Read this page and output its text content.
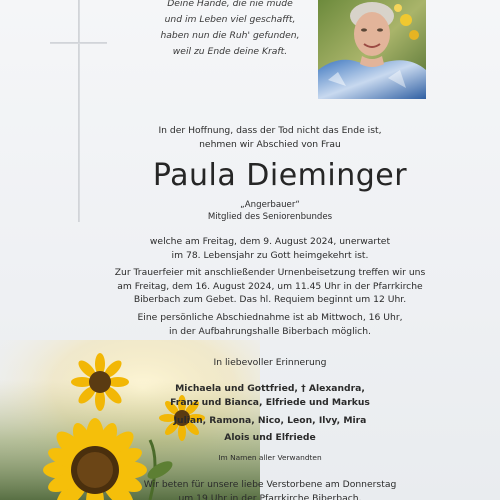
Deine Hände, die nie müde
und im Leben viel geschafft,
haben nun die Ruh' gefunden,
weil zu Ende deine Kraft.
In der Hoffnung, dass der Tod nicht das Ende ist,
nehmen wir Abschied von Frau
Paula Dieminger
„Angerbauer“
Mitglied des Seniorenbundes
welche am Freitag, dem 9. August 2024, unerwartet
im 78. Lebensjahr zu Gott heimgekehrt ist.
Zur Trauerfeier mit anschließender Urnenbeisetzung treffen wir uns
am Freitag, dem 16. August 2024, um 11.45 Uhr in der Pfarrkirche
Biberbach zum Gebet. Das hl. Requiem beginnt um 12 Uhr.
Eine persönliche Abschiednahme ist ab Mittwoch, 16 Uhr,
in der Aufbahrungshalle Biberbach möglich.
In liebevoller Erinnerung
Michaela und Gottfried, † Alexandra,
Franz und Bianca, Elfriede und Markus
Julian, Ramona, Nico, Leon, Ilvy, Mira
Alois und Elfriede
Im Namen aller Verwandten
Wir beten für unsere liebe Verstorbene am Donnerstag
um 19 Uhr in der Pfarrkirche Biberbach.
